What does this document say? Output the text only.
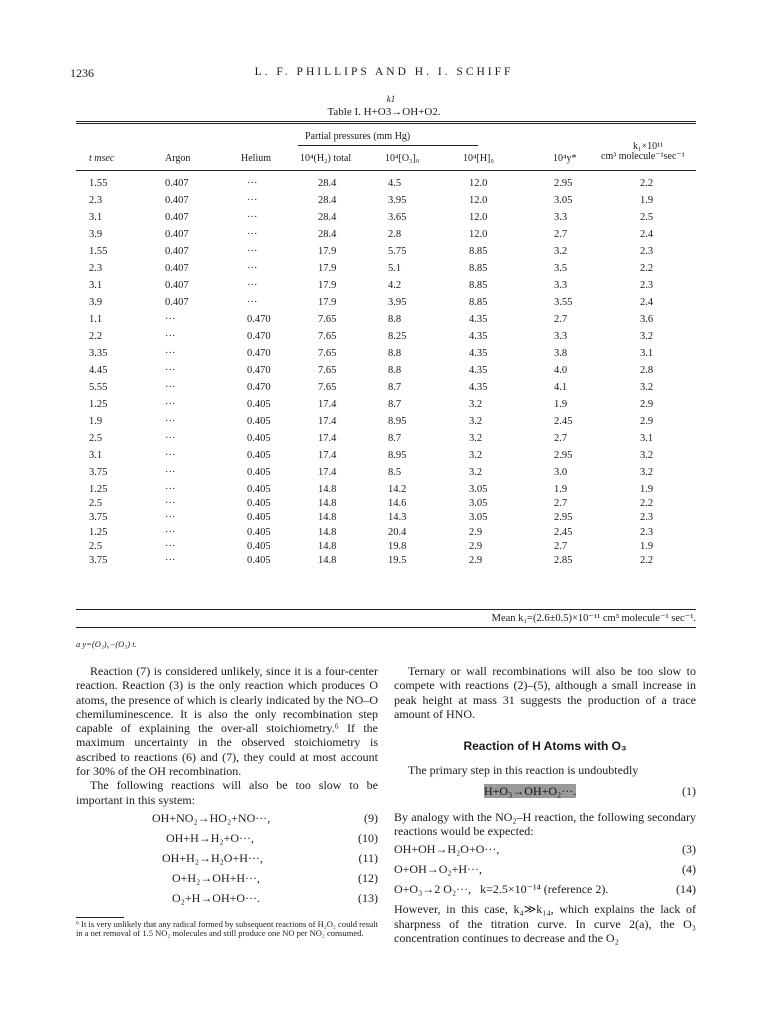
1236	L. F. PHILLIPS AND H. I. SCHIFF
k1
Table I. H+O3→OH+O2.
Partial pressures (mm Hg)
k₁×10¹¹
cm³ molecule⁻¹sec⁻¹
t msec	Argon	Helium	10⁴(H₂) total	10⁴[O₃]₀	10⁴[H]₀	10⁴y*
1.55	0.407	···	28.4	4.5	12.0	2.95	2.2
2.3	0.407	···	28.4	3.95	12.0	3.05	1.9
3.1	0.407	···	28.4	3.65	12.0	3.3	2.5
3.9	0.407	···	28.4	2.8	12.0	2.7	2.4
1.55	0.407	···	17.9	5.75	8.85	3.2	2.3
2.3	0.407	···	17.9	5.1	8.85	3.5	2.2
3.1	0.407	···	17.9	4.2	8.85	3.3	2.3
3.9	0.407	···	17.9	3.95	8.85	3.55	2.4
1.1	···	0.470	7.65	8.8	4.35	2.7	3.6
2.2	···	0.470	7.65	8.25	4.35	3.3	3.2
3.35	···	0.470	7.65	8.8	4.35	3.8	3.1
4.45	···	0.470	7.65	8.8	4.35	4.0	2.8
5.55	···	0.470	7.65	8.7	4.35	4.1	3.2
1.25	···	0.405	17.4	8.7	3.2	1.9	2.9
1.9	···	0.405	17.4	8.95	3.2	2.45	2.9
2.5	···	0.405	17.4	8.7	3.2	2.7	3.1
3.1	···	0.405	17.4	8.95	3.2	2.95	3.2
3.75	···	0.405	17.4	8.5	3.2	3.0	3.2
1.25	···	0.405	14.8	14.2	3.05	1.9	1.9
2.5	···	0.405	14.8	14.6	3.05	2.7	2.2
3.75	···	0.405	14.8	14.3	3.05	2.95	2.3
1.25	···	0.405	14.8	20.4	2.9	2.45	2.3
2.5	···	0.405	14.8	19.8	2.9	2.7	1.9
3.75	···	0.405	14.8	19.5	2.9	2.85	2.2
Mean k₁=(2.6±0.5)×10⁻¹¹ cm³ molecule⁻¹ sec⁻¹.
a y=(O₃)₀−(O₃) t.

Reaction (7) is considered unlikely, since it is a four-center reaction. Reaction (3) is the only reaction which produces O atoms, the presence of which is clearly indicated by the NO–O chemiluminescence. It is also the only recombination step capable of explaining the over-all stoichiometry.⁶ If the maximum uncertainty in the observed stoichiometry is ascribed to reactions (6) and (7), they could at most account for 30% of the OH recombination.

The following reactions will also be too slow to be important in this system:

OH+NO₂→HO₂+NO···,	(9)
OH+H→H₂+O···,	(10)
OH+H₂→H₂O+H···,	(11)
O+H₂→OH+H···,	(12)
O₂+H→OH+O···.	(13)
⁶ It is very unlikely that any radical formed by subsequent reactions of H₂O₂ could result in a net removal of 1.5 NO₂ molecules and still produce one NO per NO₂ consumed.

Ternary or wall recombinations will also be too slow to compete with reactions (2)–(5), although a small increase in peak height at mass 31 suggests the production of a trace amount of HNO.

Reaction of H Atoms with O₃

The primary step in this reaction is undoubtedly

H+O₃→OH+O₂···.	(1)

By analogy with the NO₂–H reaction, the following secondary reactions would be expected:

OH+OH→H₂O+O···,	(3)
O+OH→O₂+H···,	(4)
O+O₃→2 O₂···,   k=2.5×10⁻¹⁴ (reference 2).	(14)

However, in this case, k₄≫k₁₄, which explains the lack of sharpness of the titration curve. In curve 2(a), the O₃ concentration continues to decrease and the O₂
